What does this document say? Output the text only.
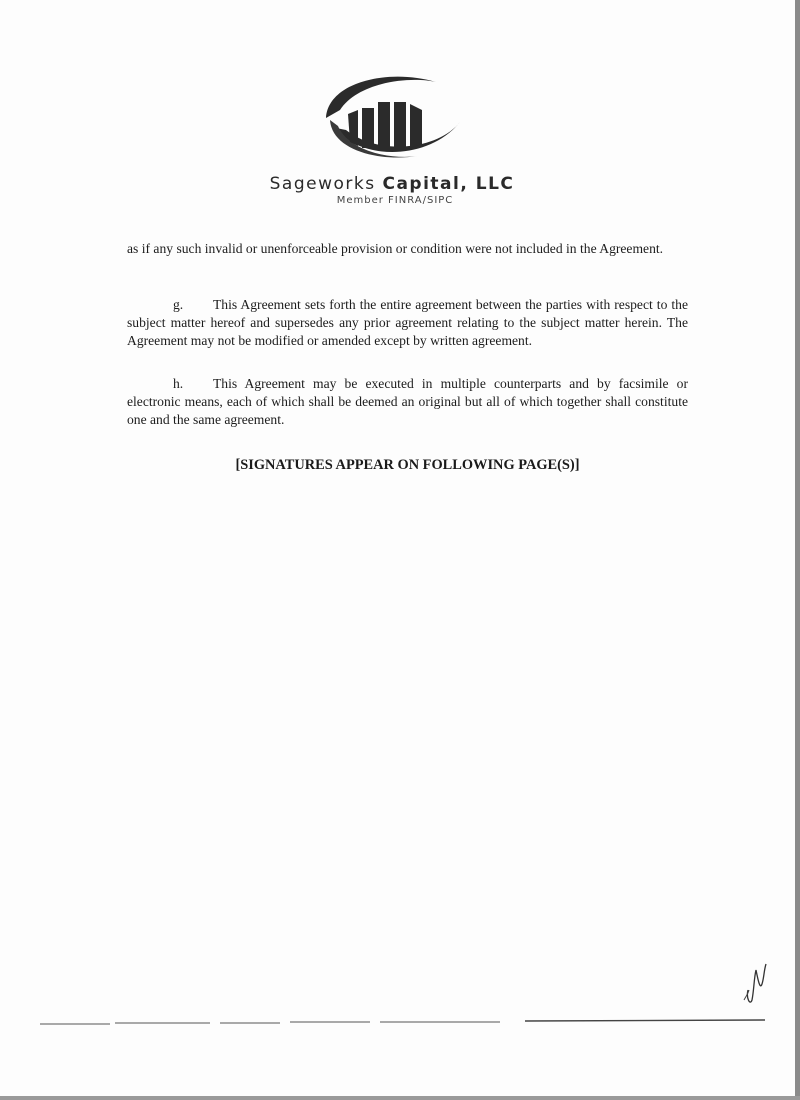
Sageworks Capital, LLC
Member FINRA/SIPC
as if any such invalid or unenforceable provision or condition were not included in the Agreement.
g. This Agreement sets forth the entire agreement between the parties with respect to the subject matter hereof and supersedes any prior agreement relating to the subject matter herein. The Agreement may not be modified or amended except by written agreement.
h. This Agreement may be executed in multiple counterparts and by facsimile or electronic means, each of which shall be deemed an original but all of which together shall constitute one and the same agreement.
[SIGNATURES APPEAR ON FOLLOWING PAGE(S)]
